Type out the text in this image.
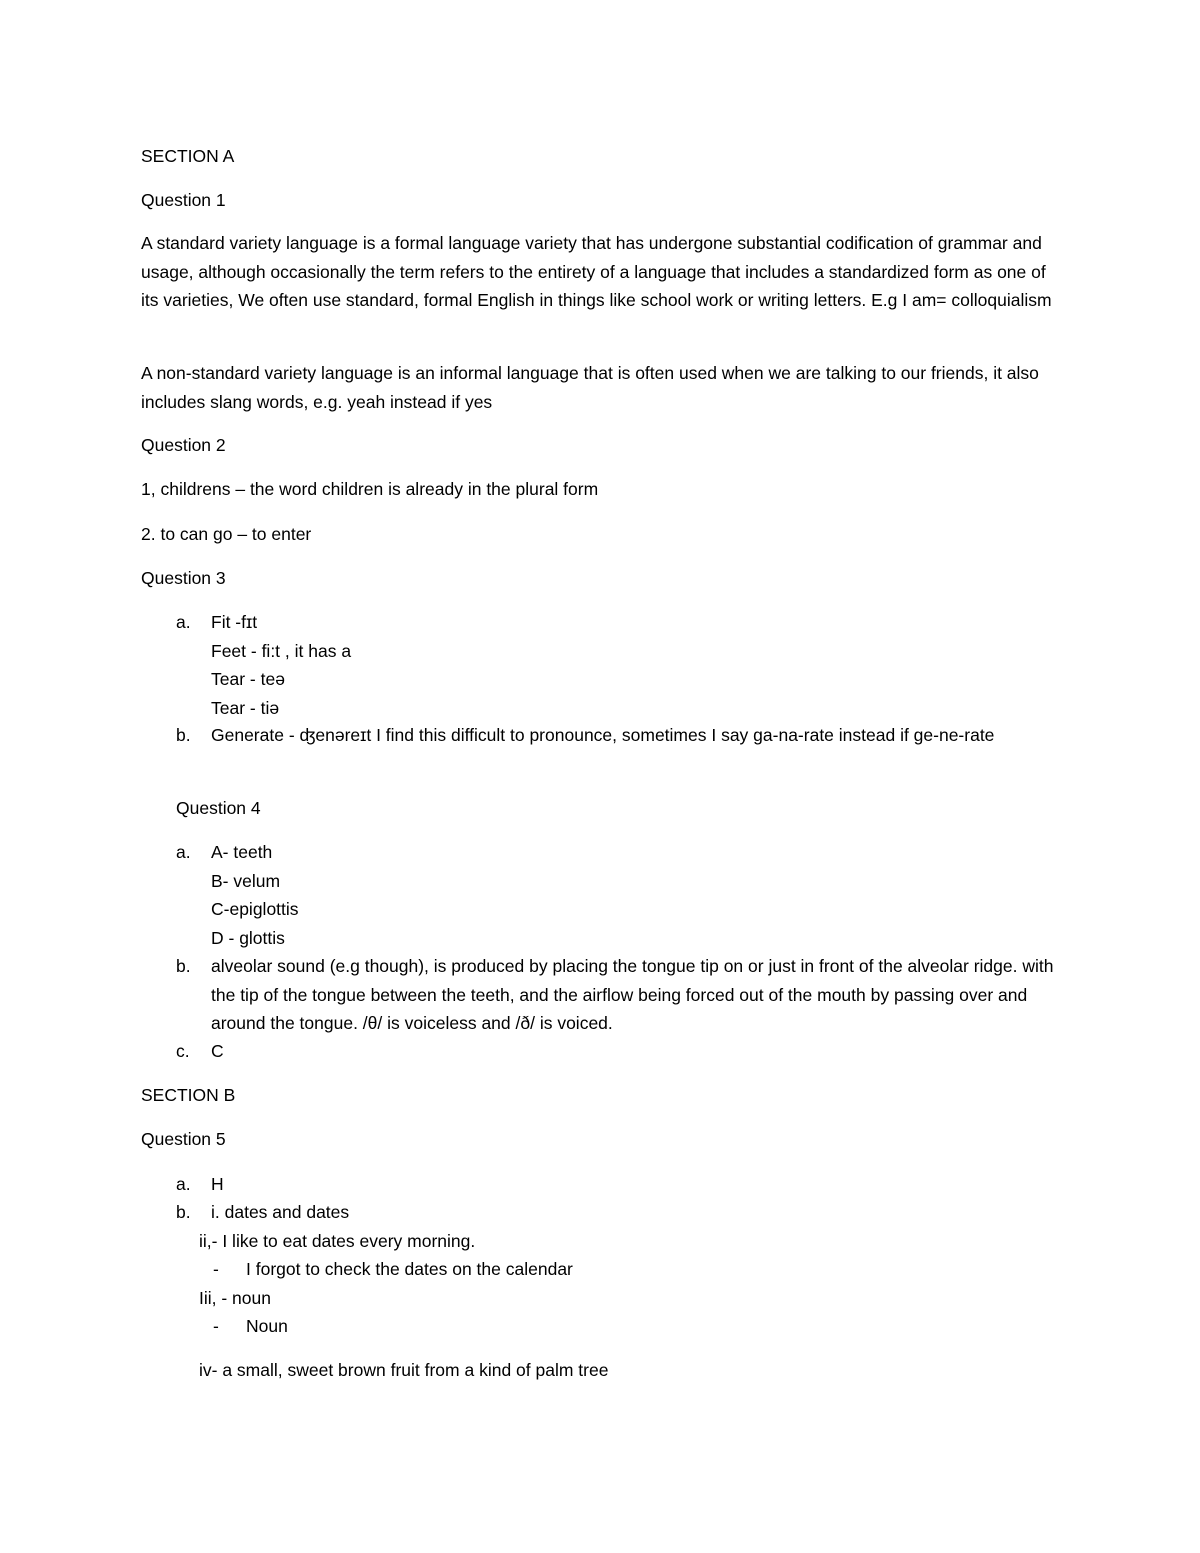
SECTION A
Question 1

A standard variety language is a formal language variety that has undergone substantial codification of grammar and usage, although occasionally the term refers to the entirety of a language that includes a standardized form as one of its varieties, We often use standard, formal English in things like school work or writing letters. E.g I am= colloquialism

A non-standard variety language is an informal language that is often used when we are talking to our friends, it also includes slang words, e.g. yeah instead if yes

Question 2
1, childrens – the word children is already in the plural form
2. to can go – to enter
Question 3
a. Fit -fɪt
Feet - fi:t , it has a
Tear - teə
Tear - tiə
b. Generate - ʤenəreɪt I find this difficult to pronounce, sometimes I say ga-na-rate instead if ge-ne-rate
Question 4
a. A- teeth
B- velum
C-epiglottis
D - glottis
b. alveolar sound (e.g though), is produced by placing the tongue tip on or just in front of the alveolar ridge. with the tip of the tongue between the teeth, and the airflow being forced out of the mouth by passing over and around the tongue. /θ/ is voiceless and /ð/ is voiced.
c. C
SECTION B
Question 5
a. H
b. i. dates and dates
ii,- I like to eat dates every morning.
- I forgot to check the dates on the calendar
Iii, - noun
- Noun
iv- a small, sweet brown fruit from a kind of palm tree
